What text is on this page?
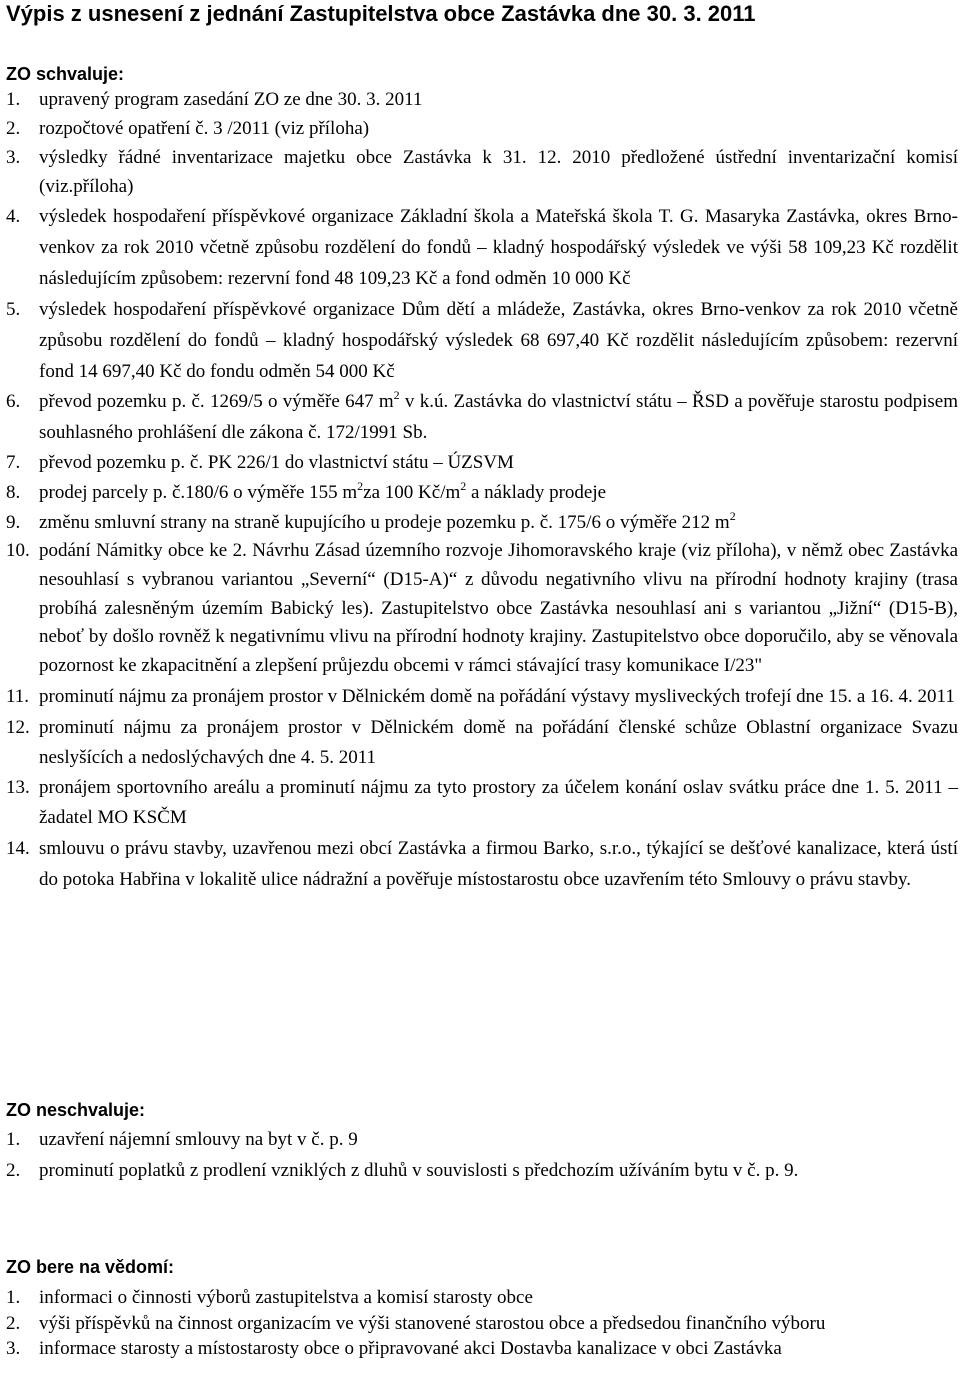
Výpis z usnesení z jednání Zastupitelstva obce Zastávka dne 30. 3. 2011
ZO schvaluje:
1. upravený program zasedání ZO ze dne 30. 3. 2011
2. rozpočtové opatření č. 3 /2011 (viz příloha)
3. výsledky řádné inventarizace majetku obce Zastávka k 31. 12. 2010 předložené ústřední inventarizační komisí (viz.příloha)
4. výsledek hospodaření příspěvkové organizace Základní škola a Mateřská škola T. G. Masaryka Zastávka, okres Brno-venkov za rok 2010 včetně způsobu rozdělení do fondů – kladný hospodářský výsledek ve výši 58 109,23 Kč rozdělit následujícím způsobem: rezervní fond 48 109,23 Kč a fond odměn 10 000 Kč
5. výsledek hospodaření příspěvkové organizace Dům dětí a mládeže, Zastávka, okres Brno-venkov za rok 2010 včetně způsobu rozdělení do fondů – kladný hospodářský výsledek 68 697,40 Kč rozdělit následujícím způsobem: rezervní fond 14 697,40 Kč do fondu odměn 54 000 Kč
6. převod pozemku p. č. 1269/5 o výměře 647 $m^2$ v k.ú. Zastávka do vlastnictví státu – ŘSD a pověřuje starostu podpisem souhlasného prohlášení dle zákona č. 172/1991 Sb.
7. převod pozemku p. č. PK 226/1 do vlastnictví státu – ÚZSVM
8. prodej parcely p. č.180/6 o výměře 155 $m^2za$ 100 $Kč/m^2$ a náklady prodeje
9. změnu smluvní strany na straně kupujícího u prodeje pozemku p. č. 175/6 o výměře 212 $m^2$
10. podání Námitky obce ke 2. Návrhu Zásad územního rozvoje Jihomoravského kraje (viz příloha), v němž obec Zastávka nesouhlasí s vybranou variantou „Severní“ (D15-A)“ z důvodu negativního vlivu na přírodní hodnoty krajiny (trasa probíhá zalesněným územím Babický les). Zastupitelstvo obce Zastávka nesouhlasí ani s variantou „Jižní“ (D15-B), neboť by došlo rovněž k negativnímu vlivu na přírodní hodnoty krajiny. Zastupitelstvo obce doporučilo, aby se věnovala pozornost ke zkapacitnění a zlepšení průjezdu obcemi v rámci stávající trasy komunikace I/23"
11. prominutí nájmu za pronájem prostor v Dělnickém domě na pořádání výstavy mysliveckých trofejí dne 15. a 16. 4. 2011
12. prominutí nájmu za pronájem prostor v Dělnickém domě na pořádání členské schůze Oblastní organizace Svazu neslyšících a nedoslýchavých dne 4. 5. 2011
13. pronájem sportovního areálu a prominutí nájmu za tyto prostory za účelem konání oslav svátku práce dne 1. 5. 2011 – žadatel MO KSČM
14. smlouvu o právu stavby, uzavřenou mezi obcí Zastávka a firmou Barko, s.r.o., týkající se dešťové kanalizace, která ústí do potoka Habřina v lokalitě ulice nádražní a pověřuje místostarostu obce uzavřením této Smlouvy o právu stavby.
ZO neschvaluje:
1. uzavření nájemní smlouvy na byt v č. p. 9
2. prominutí poplatků z prodlení vzniklých z dluhů v souvislosti s předchozím užíváním bytu v č. p. 9.
ZO bere na vědomí:
1. informaci o činnosti výborů zastupitelstva a komisí starosty obce
2. výši příspěvků na činnost organizacím ve výši stanovené starostou obce a předsedou finančního výboru
3. informace starosty a místostarosty obce o připravované akci Dostavba kanalizace v obci Zastávka
